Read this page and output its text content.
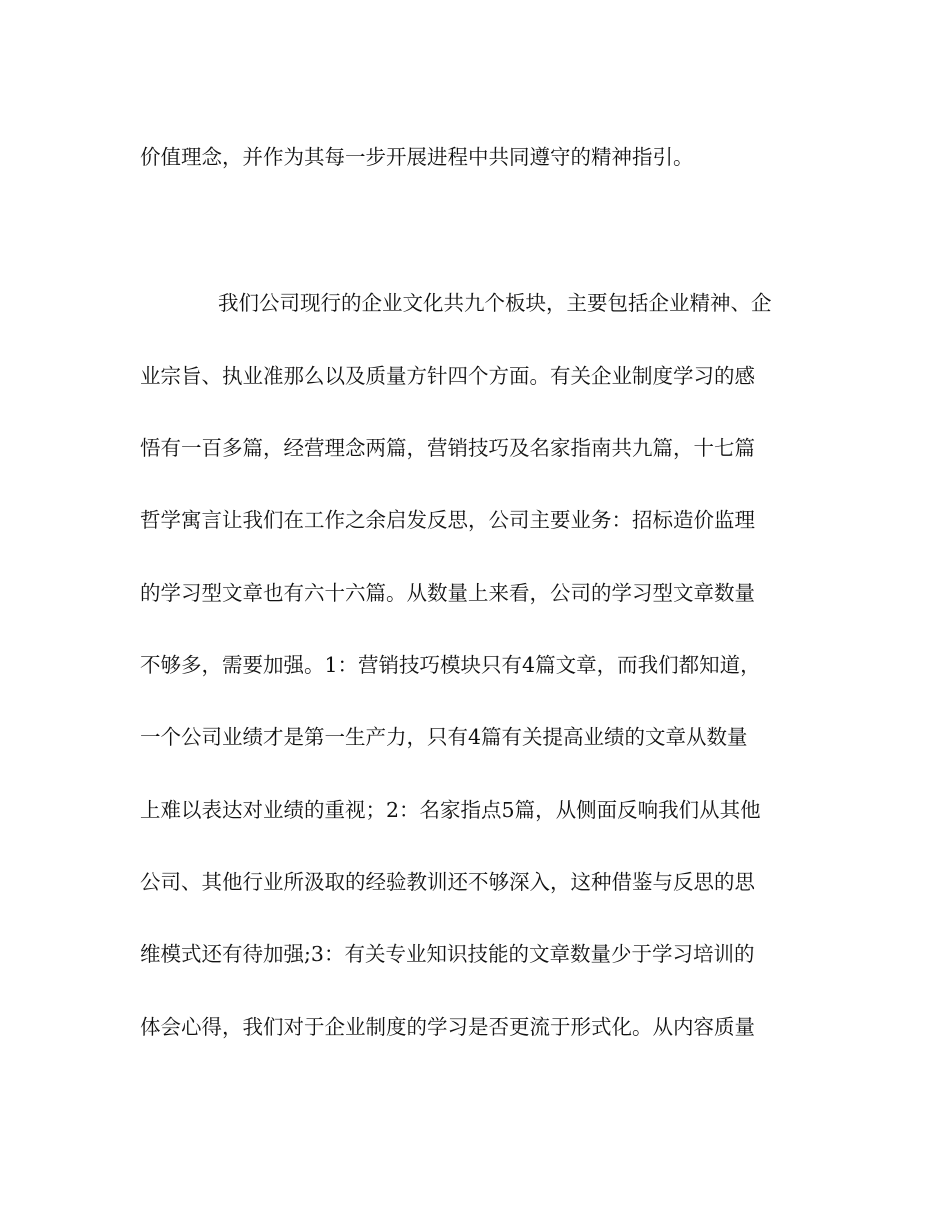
价值理念，并作为其每一步开展进程中共同遵守的精神指引。

我们公司现行的企业文化共九个板块，主要包括企业精神、企

业宗旨、执业准那么以及质量方针四个方面。有关企业制度学习的感

悟有一百多篇，经营理念两篇，营销技巧及名家指南共九篇，十七篇

哲学寓言让我们在工作之余启发反思，公司主要业务：招标造价监理

的学习型文章也有六十六篇。从数量上来看，公司的学习型文章数量

不够多，需要加强。1：营销技巧模块只有4篇文章，而我们都知道，

一个公司业绩才是第一生产力，只有4篇有关提高业绩的文章从数量

上难以表达对业绩的重视；2：名家指点5篇，从侧面反响我们从其他

公司、其他行业所汲取的经验教训还不够深入，这种借鉴与反思的思

维模式还有待加强;3：有关专业知识技能的文章数量少于学习培训的

体会心得，我们对于企业制度的学习是否更流于形式化。从内容质量
